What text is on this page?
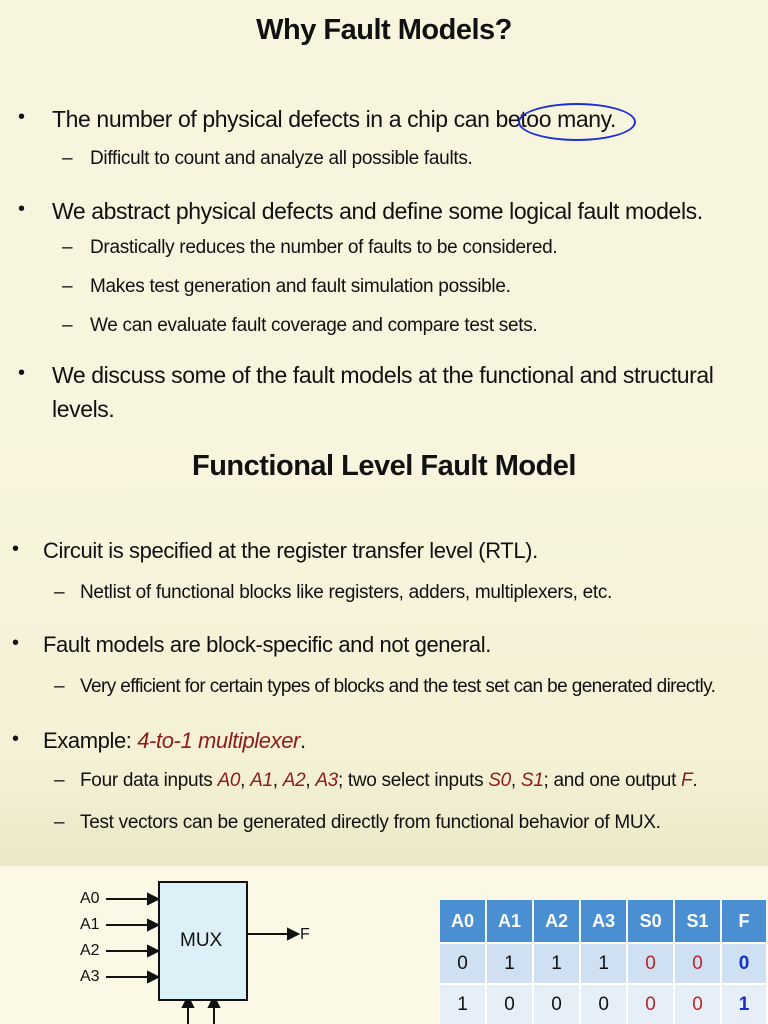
Why Fault Models?
• The number of physical defects in a chip can betoo many.
– Difficult to count and analyze all possible faults.
• We abstract physical defects and define some logical fault models.
– Drastically reduces the number of faults to be considered.
– Makes test generation and fault simulation possible.
– We can evaluate fault coverage and compare test sets.
• We discuss some of the fault models at the functional and structural
levels.
Functional Level Fault Model
• Circuit is specified at the register transfer level (RTL).
– Netlist of functional blocks like registers, adders, multiplexers, etc.
• Fault models are block-specific and not general.
– Very efficient for certain types of blocks and the test set can be generated directly.
• Example: 4-to-1 multiplexer.
– Four data inputs A0, A1, A2, A3; two select inputs S0, S1; and one output F.
– Test vectors can be generated directly from functional behavior of MUX.
MUX
A0
A1
A2
A3
F
A0	A1	A2	A3	S0	S1	F
0	1	1	1	0	0	0
1	0	0	0	0	0	1
